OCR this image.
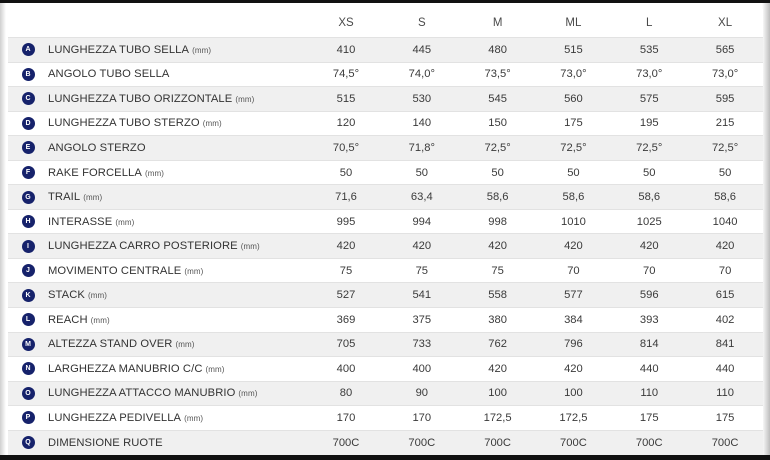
		XS	S	M	ML	L	XL
A	LUNGHEZZA TUBO SELLA (mm)	410	445	480	515	535	565
B	ANGOLO TUBO SELLA	74,5°	74,0°	73,5°	73,0°	73,0°	73,0°
C	LUNGHEZZA TUBO ORIZZONTALE (mm)	515	530	545	560	575	595
D	LUNGHEZZA TUBO STERZO (mm)	120	140	150	175	195	215
E	ANGOLO STERZO	70,5°	71,8°	72,5°	72,5°	72,5°	72,5°
F	RAKE FORCELLA (mm)	50	50	50	50	50	50
G	TRAIL (mm)	71,6	63,4	58,6	58,6	58,6	58,6
H	INTERASSE (mm)	995	994	998	1010	1025	1040
I	LUNGHEZZA CARRO POSTERIORE (mm)	420	420	420	420	420	420
J	MOVIMENTO CENTRALE (mm)	75	75	75	70	70	70
K	STACK (mm)	527	541	558	577	596	615
L	REACH (mm)	369	375	380	384	393	402
M	ALTEZZA STAND OVER (mm)	705	733	762	796	814	841
N	LARGHEZZA MANUBRIO C/C (mm)	400	400	420	420	440	440
O	LUNGHEZZA ATTACCO MANUBRIO (mm)	80	90	100	100	110	110
P	LUNGHEZZA PEDIVELLA (mm)	170	170	172,5	172,5	175	175
Q	DIMENSIONE RUOTE	700C	700C	700C	700C	700C	700C
